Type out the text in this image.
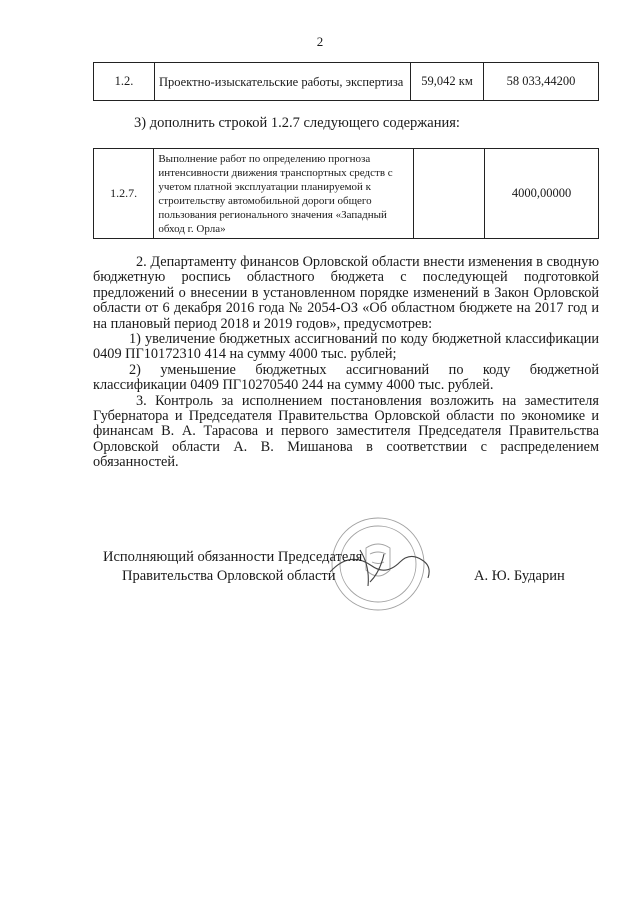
2
1.2.	Проектно-изыскательские работы, экспертиза	59,042 км	58 033,44200
3) дополнить строкой 1.2.7 следующего содержания:
1.2.7.	Выполнение работ по определению прогноза интенсивности движения транспортных средств с учетом платной эксплуатации планируемой к строительству автомобильной дороги общего пользования регионального значения «Западный обход г. Орла»		4000,00000

2. Департаменту финансов Орловской области внести изменения в сводную бюджетную роспись областного бюджета с последующей подготовкой предложений о внесении в установленном порядке изменений в Закон Орловской области от 6 декабря 2016 года № 2054-ОЗ «Об областном бюджете на 2017 год и на плановый период 2018 и 2019 годов», предусмотрев:

1) увеличение бюджетных ассигнований по коду бюджетной классификации 0409 ПГ10172310 414 на сумму 4000 тыс. рублей;

2) уменьшение бюджетных ассигнований по коду бюджетной классификации 0409 ПГ10270540 244 на сумму 4000 тыс. рублей.

3. Контроль за исполнением постановления возложить на заместителя Губернатора и Председателя Правительства Орловской области по экономике и финансам В. А. Тарасова и первого заместителя Председателя Правительства Орловской области А. В. Мишанова в соответствии с распределением обязанностей.

Исполняющий обязанности Председателя
Правительства Орловской области	А. Ю. Бударин
